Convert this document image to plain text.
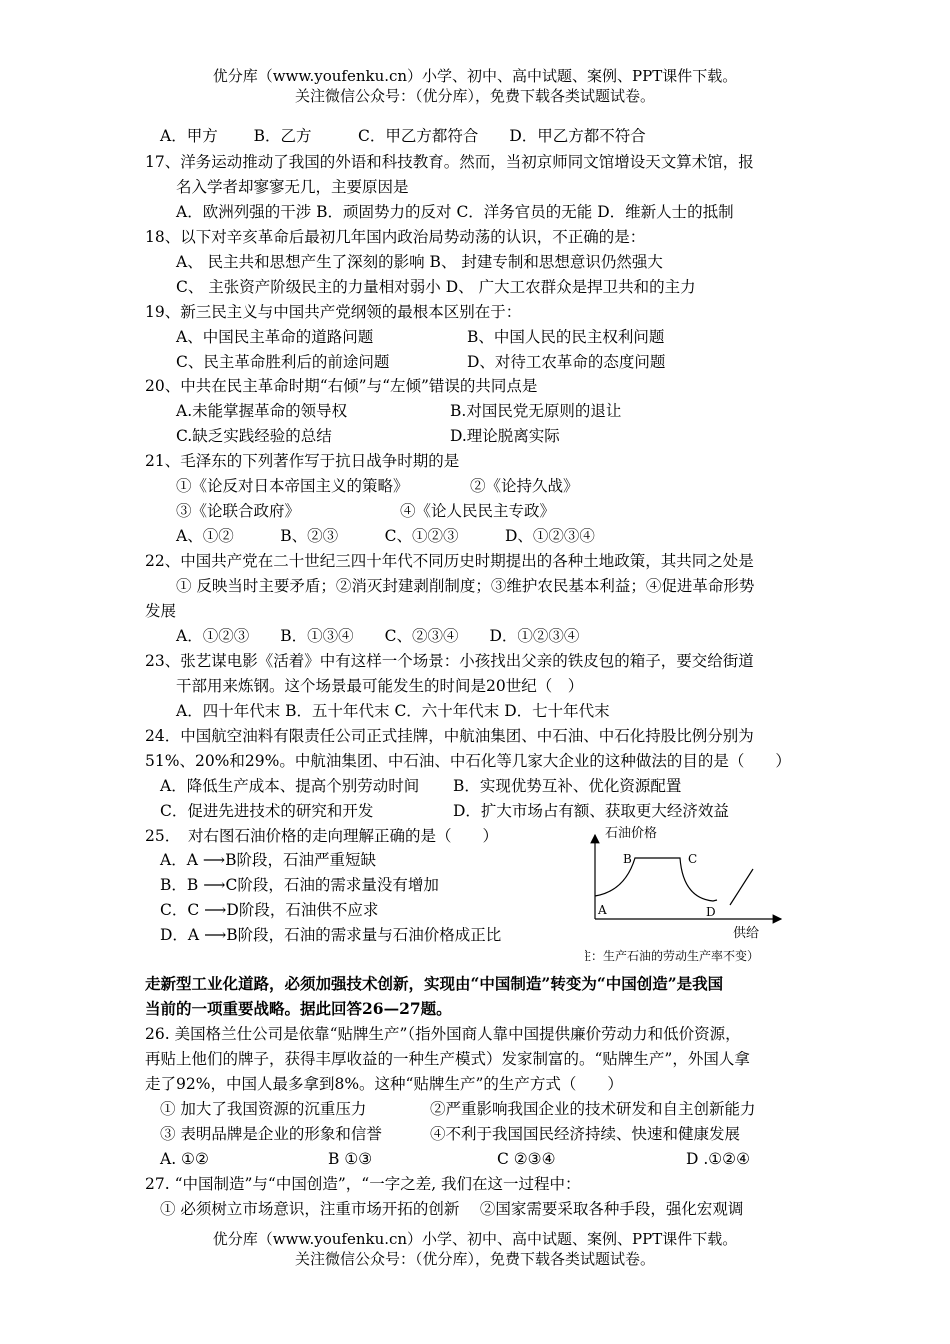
优分库（www.youfenku.cn）小学、初中、高中试题、案例、PPT课件下载。
关注微信公众号：（优分库），免费下载各类试题试卷。
A．甲方　　 B．乙方　　　C．甲乙方都符合　　D．甲乙方都不符合
17、洋务运动推动了我国的外语和科技教育。然而，当初京师同文馆增设天文算术馆，报
名入学者却寥寥无几，主要原因是
A．欧洲列强的干涉 B．顽固势力的反对 C．洋务官员的无能 D．维新人士的抵制
18、以下对辛亥革命后最初几年国内政治局势动荡的认识，不正确的是：
A、 民主共和思想产生了深刻的影响 B、 封建专制和思想意识仍然强大
C、 主张资产阶级民主的力量相对弱小 D、 广大工农群众是捍卫共和的主力
19、新三民主义与中国共产党纲领的最根本区别在于：
A、中国民主革命的道路问题	B、中国人民的民主权利问题
C、民主革命胜利后的前途问题	D、对待工农革命的态度问题
20、中共在民主革命时期“右倾”与“左倾”错误的共同点是
A.未能掌握革命的领导权	B.对国民党无原则的退让
C.缺乏实践经验的总结	D.理论脱离实际
21、毛泽东的下列著作写于抗日战争时期的是
①《论反对日本帝国主义的策略》	②《论持久战》
③《论联合政府》	④《论人民民主专政》
A、①②　　　B、②③　　　C、①②③　　　D、①②③④
22、中国共产党在二十世纪三四十年代不同历史时期提出的各种土地政策，其共同之处是
① 反映当时主要矛盾；②消灭封建剥削制度；③维护农民基本利益；④促进革命形势
发展
A．①②③　　B．①③④　　C、②③④　　D．①②③④
23、张艺谋电影《活着》中有这样一个场景：小孩找出父亲的铁皮包的箱子，要交给街道
干部用来炼钢。这个场景最可能发生的时间是20世纪（　）
A．四十年代末 B．五十年代末 C．六十年代末 D．七十年代末
24．中国航空油料有限责任公司正式挂牌，中航油集团、中石油、中石化持股比例分别为
51%、20%和29%。中航油集团、中石油、中石化等几家大企业的这种做法的目的是（　　）
A．降低生产成本、提高个别劳动时间 B．实现优势互补、优化资源配置
C．促进先进技术的研究和开发	D．扩大市场占有额、获取更大经济效益
25．　对右图石油价格的走向理解正确的是（　　）
A．A ⟶B阶段，石油严重短缺
B．B ⟶C阶段，石油的需求量没有增加
C．C ⟶D阶段，石油供不应求
D．A ⟶B阶段，石油的需求量与石油价格成正比
石油价格
A
B	C
D
供给
（注：生产石油的劳动生产率不变）
走新型工业化道路，必须加强技术创新，实现由“中国制造”转变为“中国创造”是我国
当前的一项重要战略。据此回答26—27题。
26. 美国格兰仕公司是依靠“贴牌生产”（指外国商人靠中国提供廉价劳动力和低价资源，
再贴上他们的牌子，获得丰厚收益的一种生产模式）发家制富的。“贴牌生产”，外国人拿
走了92%，中国人最多拿到8%。这种“贴牌生产”的生产方式（　　）
① 加大了我国资源的沉重压力	②严重影响我国企业的技术研发和自主创新能力
③ 表明品牌是企业的形象和信誉	④不利于我国国民经济持续、快速和健康发展
A. ①②	B ①③	C ②③④	D .①②④
27. “中国制造”与“中国创造”，“一字之差, 我们在这一过程中：
① 必须树立市场意识，注重市场开拓的创新　 ②国家需要采取各种手段，强化宏观调
优分库（www.youfenku.cn）小学、初中、高中试题、案例、PPT课件下载。
关注微信公众号：（优分库），免费下载各类试题试卷。
